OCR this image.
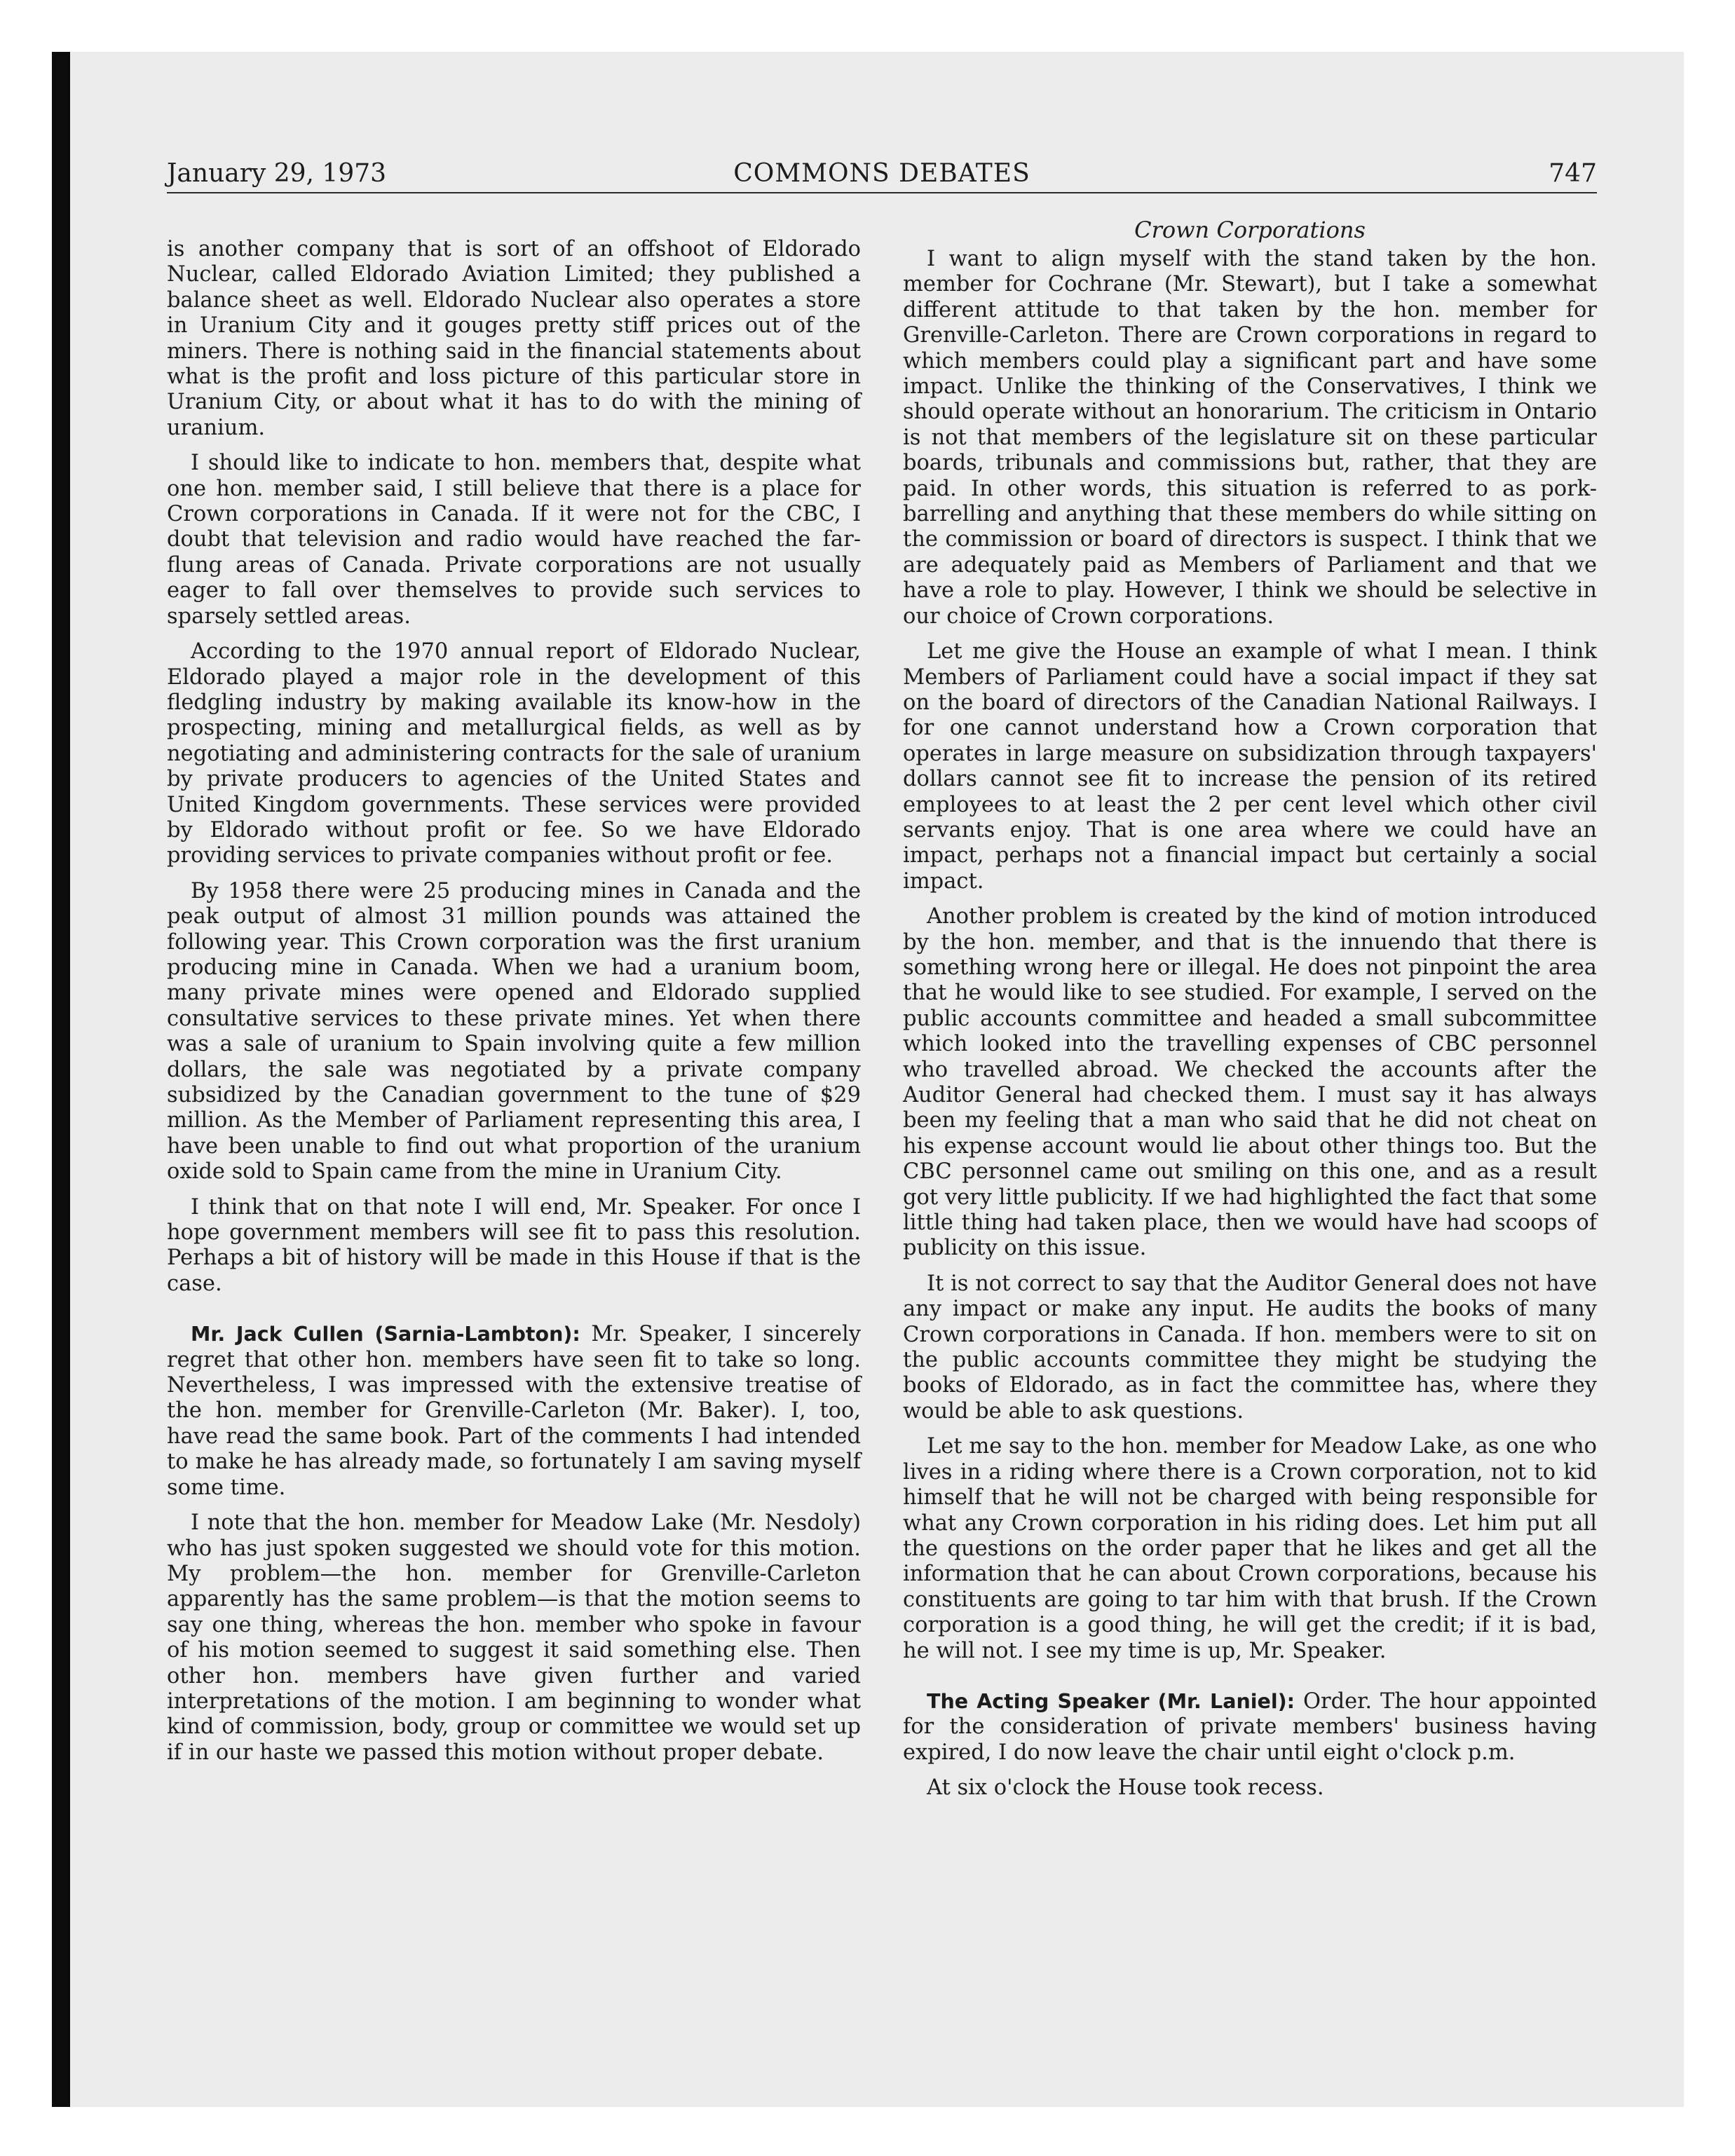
January 29, 1973	COMMONS DEBATES	747

is another company that is sort of an offshoot of Eldorado Nuclear, called Eldorado Aviation Limited; they published a balance sheet as well. Eldorado Nuclear also operates a store in Uranium City and it gouges pretty stiff prices out of the miners. There is nothing said in the financial statements about what is the profit and loss picture of this particular store in Uranium City, or about what it has to do with the mining of uranium.

I should like to indicate to hon. members that, despite what one hon. member said, I still believe that there is a place for Crown corporations in Canada. If it were not for the CBC, I doubt that television and radio would have reached the far-flung areas of Canada. Private corporations are not usually eager to fall over themselves to provide such services to sparsely settled areas.

According to the 1970 annual report of Eldorado Nuclear, Eldorado played a major role in the development of this fledgling industry by making available its know-how in the prospecting, mining and metallurgical fields, as well as by negotiating and administering contracts for the sale of uranium by private producers to agencies of the United States and United Kingdom governments. These services were provided by Eldorado without profit or fee. So we have Eldorado providing services to private companies without profit or fee.

By 1958 there were 25 producing mines in Canada and the peak output of almost 31 million pounds was attained the following year. This Crown corporation was the first uranium producing mine in Canada. When we had a uranium boom, many private mines were opened and Eldorado supplied consultative services to these private mines. Yet when there was a sale of uranium to Spain involving quite a few million dollars, the sale was negotiated by a private company subsidized by the Canadian government to the tune of $29 million. As the Member of Parliament representing this area, I have been unable to find out what proportion of the uranium oxide sold to Spain came from the mine in Uranium City.

I think that on that note I will end, Mr. Speaker. For once I hope government members will see fit to pass this resolution. Perhaps a bit of history will be made in this House if that is the case.

Mr. Jack Cullen (Sarnia-Lambton): Mr. Speaker, I sincerely regret that other hon. members have seen fit to take so long. Nevertheless, I was impressed with the extensive treatise of the hon. member for Grenville-Carleton (Mr. Baker). I, too, have read the same book. Part of the comments I had intended to make he has already made, so fortunately I am saving myself some time.

I note that the hon. member for Meadow Lake (Mr. Nesdoly) who has just spoken suggested we should vote for this motion. My problem—the hon. member for Grenville-Carleton apparently has the same problem—is that the motion seems to say one thing, whereas the hon. member who spoke in favour of his motion seemed to suggest it said something else. Then other hon. members have given further and varied interpretations of the motion. I am beginning to wonder what kind of commission, body, group or committee we would set up if in our haste we passed this motion without proper debate.

Crown Corporations

I want to align myself with the stand taken by the hon. member for Cochrane (Mr. Stewart), but I take a somewhat different attitude to that taken by the hon. member for Grenville-Carleton. There are Crown corporations in regard to which members could play a significant part and have some impact. Unlike the thinking of the Conservatives, I think we should operate without an honorarium. The criticism in Ontario is not that members of the legislature sit on these particular boards, tribunals and commissions but, rather, that they are paid. In other words, this situation is referred to as pork-barrelling and anything that these members do while sitting on the commission or board of directors is suspect. I think that we are adequately paid as Members of Parliament and that we have a role to play. However, I think we should be selective in our choice of Crown corporations.

Let me give the House an example of what I mean. I think Members of Parliament could have a social impact if they sat on the board of directors of the Canadian National Railways. I for one cannot understand how a Crown corporation that operates in large measure on subsidization through taxpayers' dollars cannot see fit to increase the pension of its retired employees to at least the 2 per cent level which other civil servants enjoy. That is one area where we could have an impact, perhaps not a financial impact but certainly a social impact.

Another problem is created by the kind of motion introduced by the hon. member, and that is the innuendo that there is something wrong here or illegal. He does not pinpoint the area that he would like to see studied. For example, I served on the public accounts committee and headed a small subcommittee which looked into the travelling expenses of CBC personnel who travelled abroad. We checked the accounts after the Auditor General had checked them. I must say it has always been my feeling that a man who said that he did not cheat on his expense account would lie about other things too. But the CBC personnel came out smiling on this one, and as a result got very little publicity. If we had highlighted the fact that some little thing had taken place, then we would have had scoops of publicity on this issue.

It is not correct to say that the Auditor General does not have any impact or make any input. He audits the books of many Crown corporations in Canada. If hon. members were to sit on the public accounts committee they might be studying the books of Eldorado, as in fact the committee has, where they would be able to ask questions.

Let me say to the hon. member for Meadow Lake, as one who lives in a riding where there is a Crown corporation, not to kid himself that he will not be charged with being responsible for what any Crown corporation in his riding does. Let him put all the questions on the order paper that he likes and get all the information that he can about Crown corporations, because his constituents are going to tar him with that brush. If the Crown corporation is a good thing, he will get the credit; if it is bad, he will not. I see my time is up, Mr. Speaker.

The Acting Speaker (Mr. Laniel): Order. The hour appointed for the consideration of private members' business having expired, I do now leave the chair until eight o'clock p.m.

At six o'clock the House took recess.
